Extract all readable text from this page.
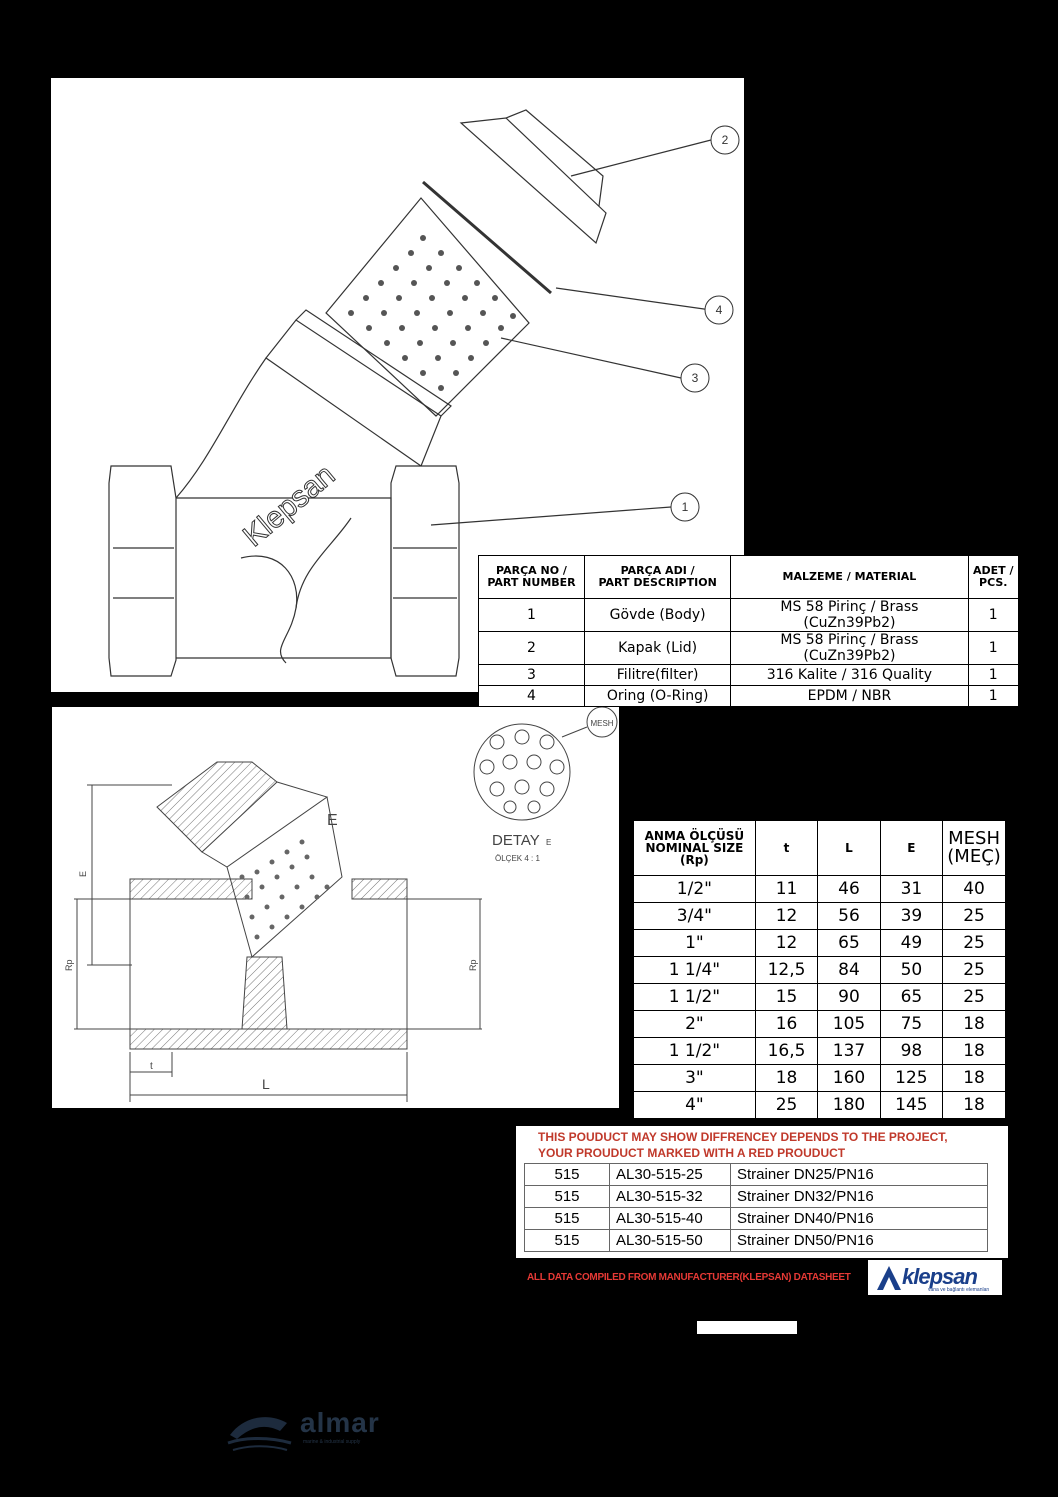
2
4
3
1
Klepsan
PARÇA NO /
PART NUMBER	PARÇA ADI /
PART DESCRIPTION	MALZEME / MATERIAL	ADET /
PCS.
1	Gövde (Body)	MS 58 Pirinç / Brass (CuZn39Pb2)	1
2	Kapak (Lid)	MS 58 Pirinç / Brass (CuZn39Pb2)	1
3	Filitre(filter)	316 Kalite / 316 Quality	1
4	Oring (O-Ring)	EPDM / NBR	1
E
E
Rp	Rp
t
L
MESH
DETAY E
ÖLÇEK 4 : 1
ANMA ÖLÇÜSÜ
NOMINAL SIZE
(Rp)	t	L	E	MESH
(MEÇ)
1/2"	11	46	31	40
3/4"	12	56	39	25
1"	12	65	49	25
1 1/4"	12,5	84	50	25
1 1/2"	15	90	65	25
2"	16	105	75	18
1 1/2"	16,5	137	98	18
3"	18	160	125	18
4"	25	180	145	18
THIS POUDUCT MAY SHOW DIFFRENCEY DEPENDS TO THE PROJECT, YOUR PROUDUCT MARKED WITH A RED PROUDUCT
515	AL30-515-25	Strainer DN25/PN16
515	AL30-515-32	Strainer DN32/PN16
515	AL30-515-40	Strainer DN40/PN16
515	AL30-515-50	Strainer DN50/PN16
ALL DATA COMPILED FROM MANUFACTURER(KLEPSAN) DATASHEET klepsan
vana ve bağlantı elemanları
almar
marine & industrial supply
